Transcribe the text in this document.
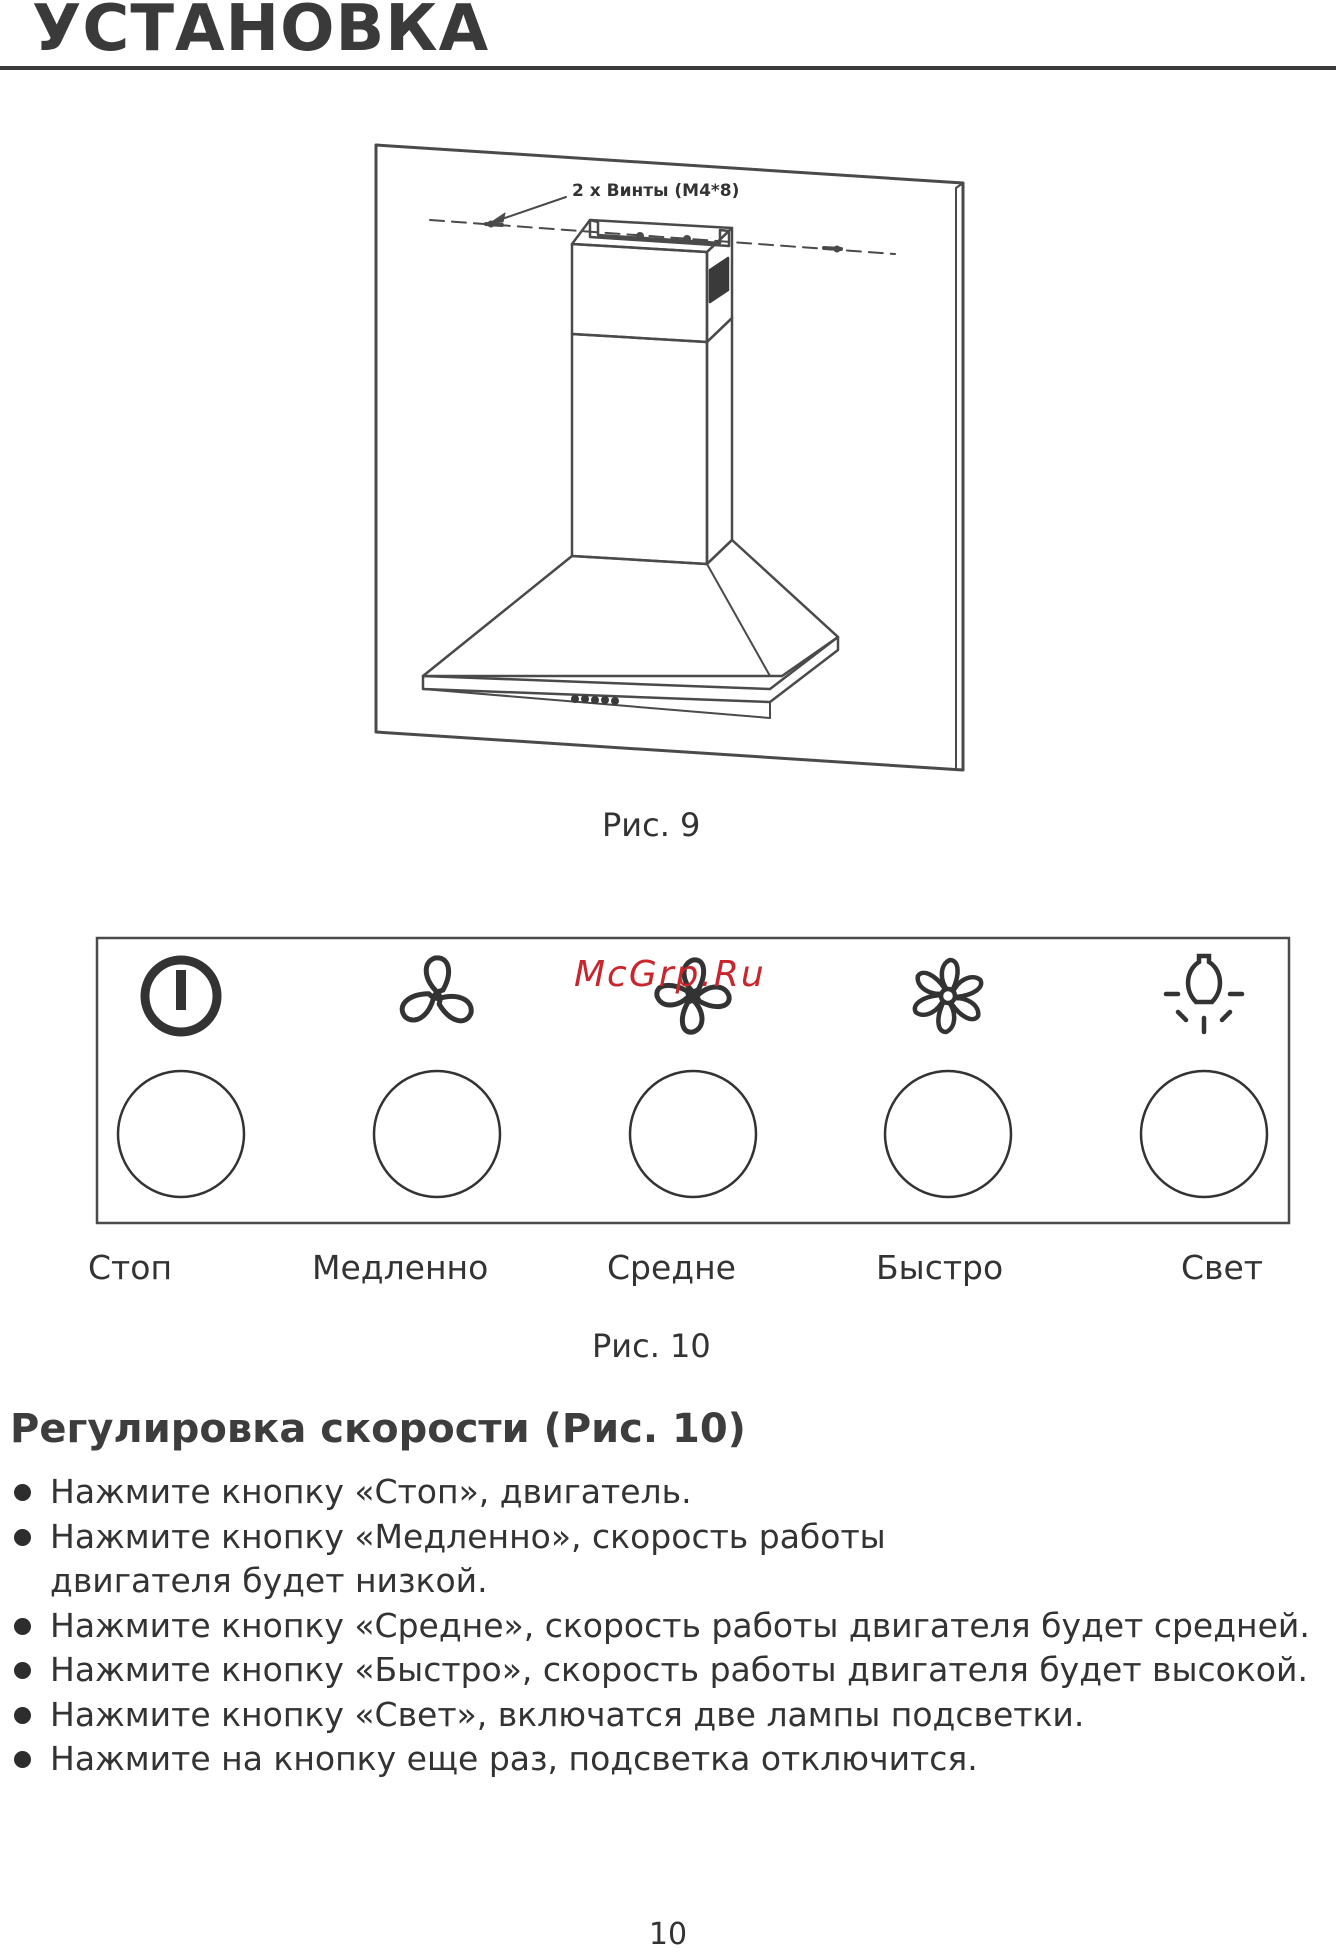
УСТАНОВКА
2 x Винты (M4*8)
Рис. 9
McGrp.Ru
Стоп	Медленно	Средне	Быстро	Свет
Рис. 10
Регулировка скорости (Рис. 10)
Нажмите кнопку «Стоп», двигатель.
Нажмите кнопку «Медленно», скорость работы двигателя будет низкой.
Нажмите кнопку «Средне», скорость работы двигателя будет средней.
Нажмите кнопку «Быстро», скорость работы двигателя будет высокой.
Нажмите кнопку «Свет», включатся две лампы подсветки.
Нажмите на кнопку еще раз, подсветка отключится.
10
